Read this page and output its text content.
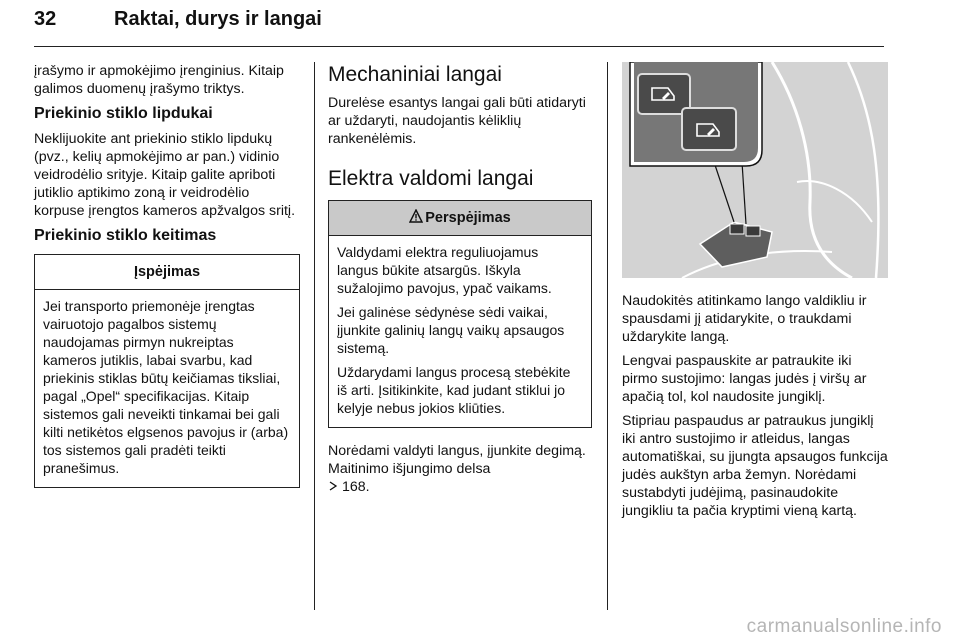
32	Raktai, durys ir langai

įrašymo ir apmokėjimo įrenginius. Kitaip galimos duomenų įrašymo triktys.

Priekinio stiklo lipdukai

Neklijuokite ant priekinio stiklo lipdukų (pvz., kelių apmokėjimo ar pan.) vidinio veidrodėlio srityje. Kitaip galite apriboti jutiklio aptikimo zoną ir veidrodėlio korpuse įrengtos kameros apžvalgos sritį.

Priekinio stiklo keitimas
Įspėjimas

Jei transporto priemonėje įrengtas vairuotojo pagalbos sistemų naudojamas pirmyn nukreiptas kameros jutiklis, labai svarbu, kad priekinis stiklas būtų keičiamas tiksliai, pagal „Opel“ specifikacijas. Kitaip sistemos gali neveikti tinkamai bei gali kilti netikėtos elgsenos pavojus ir (arba) tos sistemos gali pradėti teikti pranešimus.

Mechaniniai langai

Durelėse esantys langai gali būti atidaryti ar uždaryti, naudojantis kėliklių rankenėlėmis.

Elektra valdomi langai
Perspėjimas

Valdydami elektra reguliuojamus langus būkite atsargūs. Iškyla sužalojimo pavojus, ypač vaikams.

Jei galinėse sėdynėse sėdi vaikai, įjunkite galinių langų vaikų apsaugos sistemą.

Uždarydami langus procesą stebėkite iš arti. Įsitikinkite, kad judant stiklui jo kelyje nebus jokios kliūties.

Norėdami valdyti langus, įjunkite degimą. Maitinimo išjungimo delsa
168.

Naudokitės atitinkamo lango valdikliu ir spausdami jį atidarykite, o traukdami uždarykite langą.

Lengvai paspauskite ar patraukite iki pirmo sustojimo: langas judės į viršų ar apačią tol, kol naudosite jungiklį.

Stipriau paspaudus ar patraukus jungiklį iki antro sustojimo ir atleidus, langas automatiškai, su įjungta apsaugos funkcija judės aukštyn arba žemyn. Norėdami sustabdyti judėjimą, pasinaudokite jungikliu ta pačia kryptimi vieną kartą.

carmanualsonline.info
